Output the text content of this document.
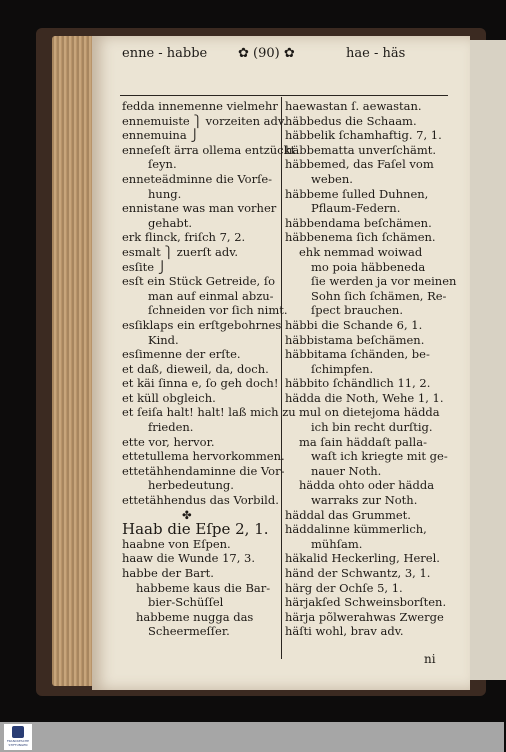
enne - habbe ✿ (90) ✿	hae - häs
fedda innemenne vielmehr
ennemuiste ⎫ vorzeiten adv.
ennemuina ⎭
enneſeſt ärra ollema entzückt
ſeyn.
enneteädminne die Vorſe-
hung.
ennistane was man vorher
gehabt.
erk flinck, friſch 7, 2.
esmalt ⎫ zuerſt adv.
esſite ⎭
esſt ein Stück Getreide, ſo
man auf einmal abzu-
ſchneiden vor ſich nimt.
esſiklaps ein erſtgebohrnes
Kind.
esſimenne der erſte.
et daß, dieweil, da, doch.
et käi ſinna e, ſo geh doch!
et küll obgleich.
et ſeiſa halt! halt! laß mich zu
frieden.
ette vor, hervor.
ettetullema hervorkommen.
ettetähhendaminne die Vor-
herbedeutung.
ettetähhendus das Vorbild.
✤
Haab die Eſpe 2, 1.
haabne von Eſpen.
haaw die Wunde 17, 3.
habbe der Bart.
habbeme kaus die Bar-
bier-Schüſſel
habbeme nugga das
Scheermeſſer.
haewastan ſ. aewastan.
häbbedus die Schaam.
häbbelik ſchamhaftig. 7, 1.
häbbematta unverſchämt.
häbbemed, das Faſel vom
weben.
häbbeme ſulled Duhnen,
Pflaum-Federn.
häbbendama beſchämen.
häbbenema ſich ſchämen.
ehk nemmad woiwad
mo poia häbbeneda
ſie werden ja vor meinen
Sohn ſich ſchämen, Re-
ſpect brauchen.
häbbi die Schande 6, 1.
häbbistama beſchämen.
häbbitama ſchänden, be-
ſchimpfen.
häbbito ſchändlich 11, 2.
hädda die Noth, Wehe 1, 1.
mul on dietejoma hädda
ich bin recht durſtig.
ma ſain häddaſt palla-
waſt ich kriegte mit ge-
nauer Noth.
hädda ohto oder hädda
warraks zur Noth.
häddal das Grummet.
häddalinne kümmerlich,
mühſam.
häkalid Heckerling, Herel.
händ der Schwantz, 3, 1.
härg der Ochſe 5, 1.
härjakſed Schweinsborſten.
härja põlwerahwas Zwerge
häſti wohl, brav adv.
ni
FRANCKESCHE STIFTUNGEN
